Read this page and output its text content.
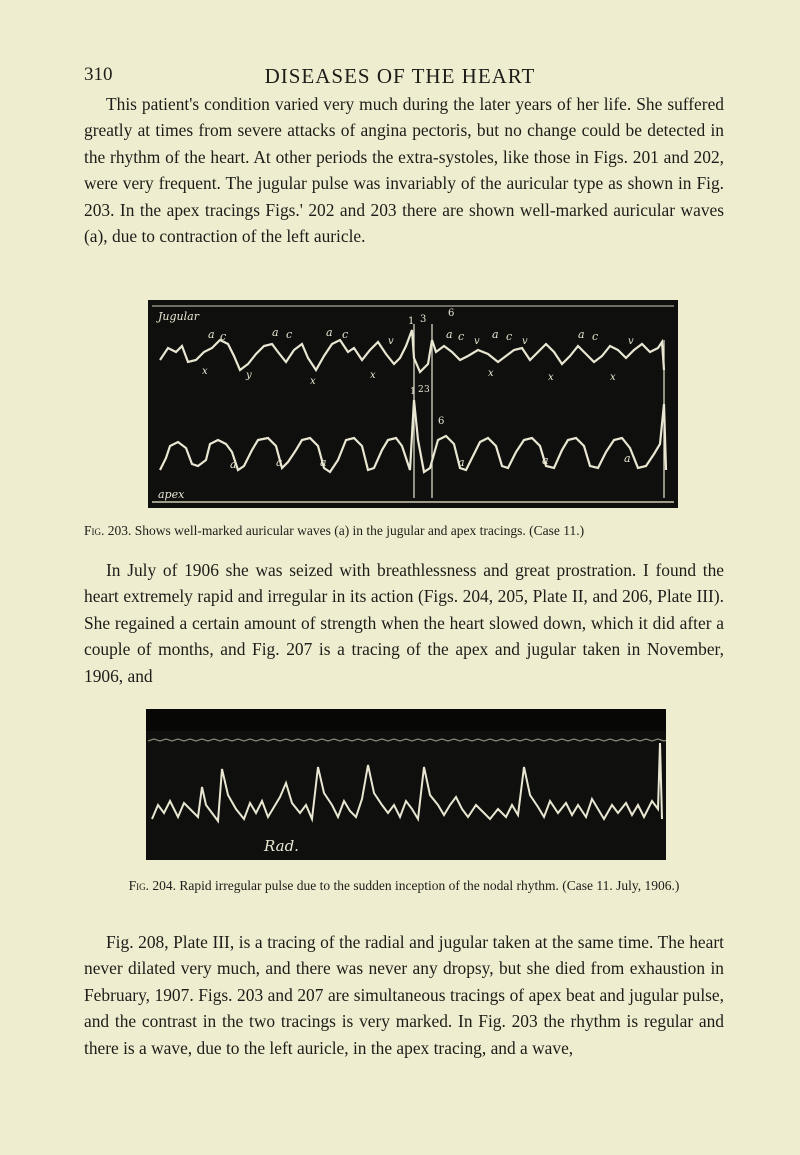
310	DISEASES OF THE HEART

This patient's condition varied very much during the later years of her life. She suffered greatly at times from severe attacks of angina pectoris, but no change could be detected in the rhythm of the heart. At other periods the extra-systoles, like those in Figs. 201 and 202, were very frequent. The jugular pulse was invariably of the auricular type as shown in Fig. 203. In the apex tracings Figs.' 202 and 203 there are shown well-marked auricular waves (a), due to contraction of the left auricle.

Jugular
apex
a c	a c	a c
v
a c v
a c v
a c	v
x	y
x
x	x	x	x
1 3
6
a	a	a	a	a	a
1 2 3
6

Fig. 203. Shows well-marked auricular waves (a) in the jugular and apex tracings. (Case 11.)

In July of 1906 she was seized with breathlessness and great prostration. I found the heart extremely rapid and irregular in its action (Figs. 204, 205, Plate II, and 206, Plate III). She regained a certain amount of strength when the heart slowed down, which it did after a couple of months, and Fig. 207 is a tracing of the apex and jugular taken in November, 1906, and

Rad.

Fig. 204. Rapid irregular pulse due to the sudden inception of the nodal rhythm. (Case 11. July, 1906.)

Fig. 208, Plate III, is a tracing of the radial and jugular taken at the same time. The heart never dilated very much, and there was never any dropsy, but she died from exhaustion in February, 1907. Figs. 203 and 207 are simultaneous tracings of apex beat and jugular pulse, and the contrast in the two tracings is very marked. In Fig. 203 the rhythm is regular and there is a wave, due to the left auricle, in the apex tracing, and a wave,
